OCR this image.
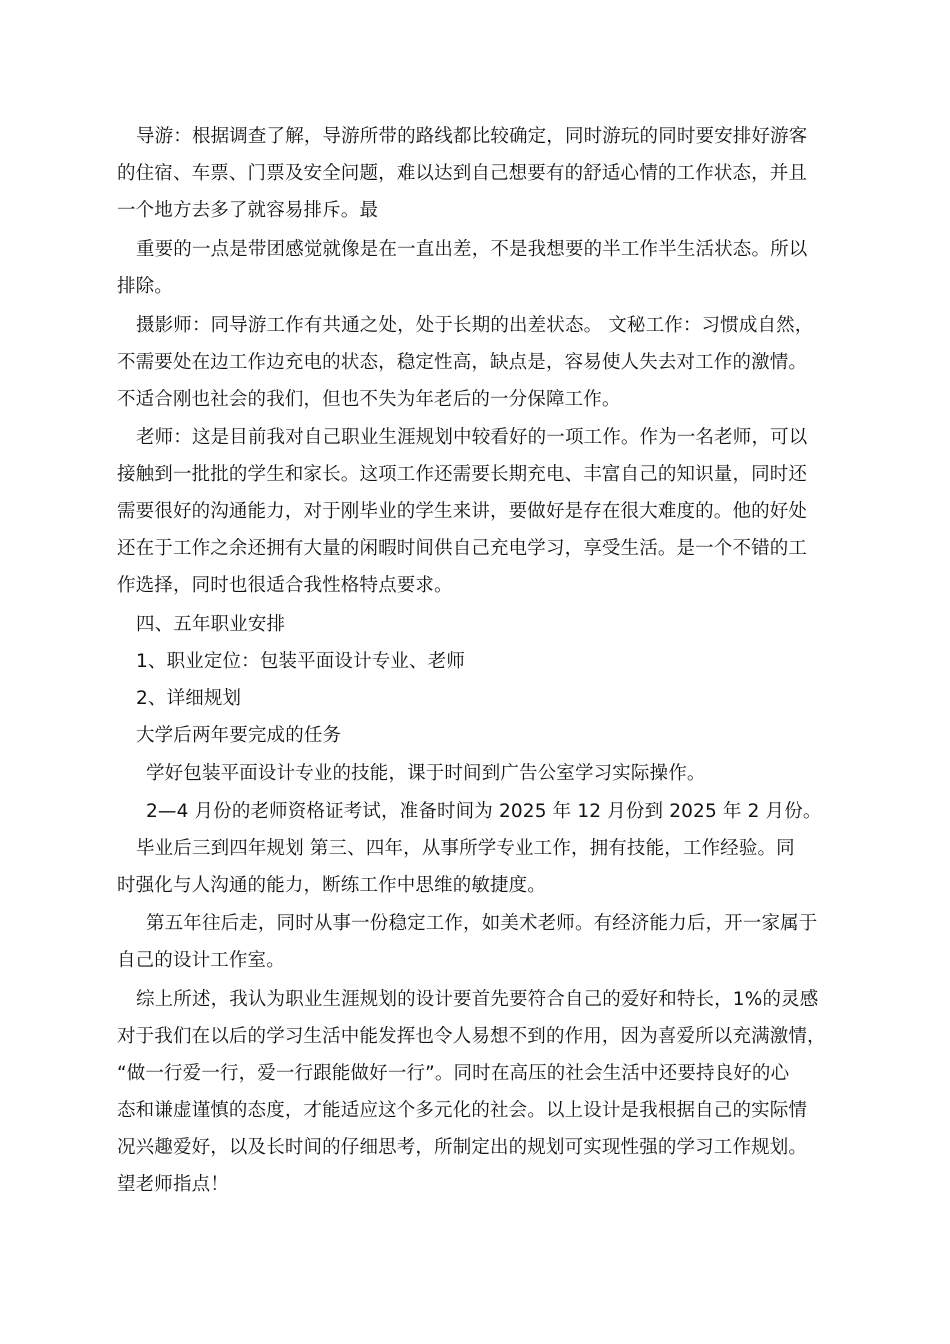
导游：根据调查了解，导游所带的路线都比较确定，同时游玩的同时要安排好游客
的住宿、车票、门票及安全问题，难以达到自己想要有的舒适心情的工作状态，并且
一个地方去多了就容易排斥。最
重要的一点是带团感觉就像是在一直出差，不是我想要的半工作半生活状态。所以
排除。
摄影师：同导游工作有共通之处，处于长期的出差状态。 文秘工作：习惯成自然，
不需要处在边工作边充电的状态，稳定性高，缺点是，容易使人失去对工作的激情。
不适合刚也社会的我们，但也不失为年老后的一分保障工作。
老师：这是目前我对自己职业生涯规划中较看好的一项工作。作为一名老师，可以
接触到一批批的学生和家长。这项工作还需要长期充电、丰富自己的知识量，同时还
需要很好的沟通能力，对于刚毕业的学生来讲，要做好是存在很大难度的。他的好处
还在于工作之余还拥有大量的闲暇时间供自己充电学习，享受生活。是一个不错的工
作选择，同时也很适合我性格特点要求。
四、五年职业安排
1、职业定位：包装平面设计专业、老师
2、详细规划
大学后两年要完成的任务
学好包装平面设计专业的技能，课于时间到广告公室学习实际操作。
2—4 月份的老师资格证考试，准备时间为 2025 年 12 月份到 2025 年 2 月份。
毕业后三到四年规划 第三、四年，从事所学专业工作，拥有技能，工作经验。同
时强化与人沟通的能力，断练工作中思维的敏捷度。
第五年往后走，同时从事一份稳定工作，如美术老师。有经济能力后，开一家属于
自己的设计工作室。
综上所述，我认为职业生涯规划的设计要首先要符合自己的爱好和特长，1%的灵感
对于我们在以后的学习生活中能发挥也令人易想不到的作用，因为喜爱所以充满激情，
“做一行爱一行，爱一行跟能做好一行”。同时在高压的社会生活中还要持良好的心
态和谦虚谨慎的态度，才能适应这个多元化的社会。以上设计是我根据自己的实际情
况兴趣爱好，以及长时间的仔细思考，所制定出的规划可实现性强的学习工作规划。
望老师指点！
